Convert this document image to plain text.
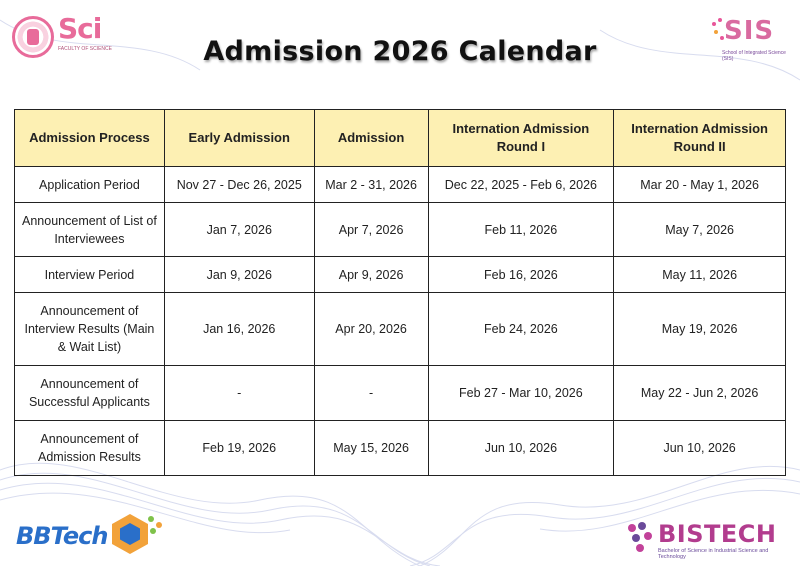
Sci
FACULTY OF SCIENCE
SIS
School of Integrated Science (SIS)
Admission 2026 Calendar
Admission Process	Early Admission	Admission	Internation Admission Round I	Internation Admission Round II
Application Period	Nov 27 - Dec 26, 2025	Mar 2 - 31, 2026	Dec 22, 2025 - Feb 6, 2026	Mar 20 - May 1, 2026
Announcement of List of Interviewees	Jan 7, 2026	Apr 7, 2026	Feb 11, 2026	May 7, 2026
Interview Period	Jan 9, 2026	Apr 9, 2026	Feb 16, 2026	May 11, 2026
Announcement of Interview Results (Main & Wait List)	Jan 16, 2026	Apr 20, 2026	Feb 24, 2026	May 19, 2026
Announcement of Successful Applicants	-	-	Feb 27 - Mar 10, 2026	May 22 - Jun 2, 2026
Announcement of Admission Results	Feb 19, 2026	May 15, 2026	Jun 10, 2026	Jun 10, 2026
BBTech	BISTECH
Bachelor of Science in Industrial Science and Technology
